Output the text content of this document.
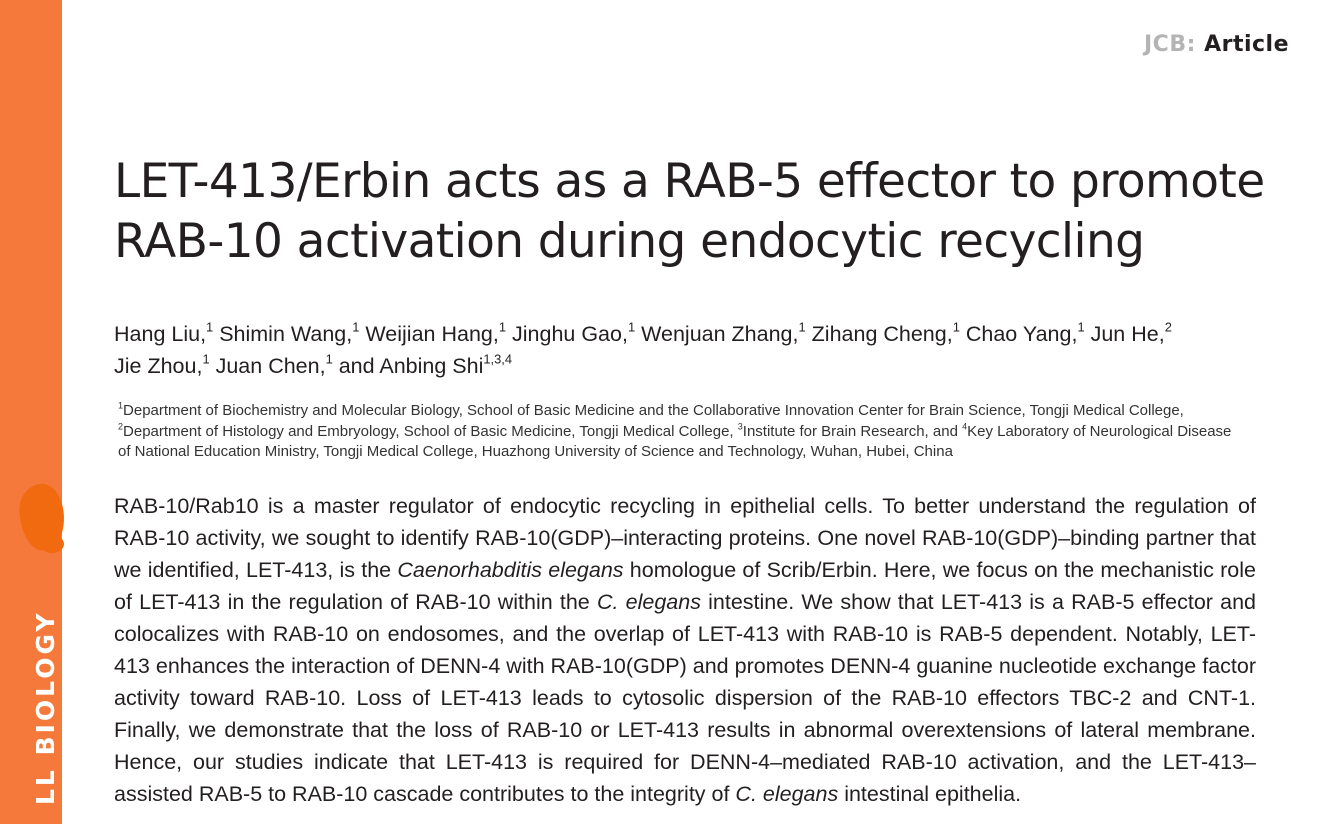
LL BIOLOGY
JCB: Article
LET-413/Erbin acts as a RAB-5 effector to promote RAB-10 activation during endocytic recycling
Hang Liu,$^1$ Shimin Wang,$^1$ Weijian Hang,$^1$ Jinghu Gao,$^1$ Wenjuan Zhang,$^1$ Zihang Cheng,$^1$ Chao Yang,$^1$ Jun He,$^2$
Jie Zhou,$^1$ Juan Chen,$^1$ and Anbing Shi$^{1,3,4}$
$^1$Department of Biochemistry and Molecular Biology, School of Basic Medicine and the Collaborative Innovation Center for Brain Science, Tongji Medical College,
$^2$Department of Histology and Embryology, School of Basic Medicine, Tongji Medical College, $^3$Institute for Brain Research, and $^4$Key Laboratory of Neurological Disease
of National Education Ministry, Tongji Medical College, Huazhong University of Science and Technology, Wuhan, Hubei, China

RAB-10/Rab10 is a master regulator of endocytic recycling in epithelial cells. To better understand the regulation of RAB-10 activity, we sought to identify RAB-10(GDP)–interacting proteins. One novel RAB-10(GDP)–binding partner that we identified, LET-413, is the Caenorhabditis elegans homologue of Scrib/Erbin. Here, we focus on the mechanistic role of LET-413 in the regulation of RAB-10 within the C. elegans intestine. We show that LET-413 is a RAB-5 effector and colocalizes with RAB-10 on endosomes, and the overlap of LET-413 with RAB-10 is RAB-5 dependent. Notably, LET-413 enhances the interaction of DENN-4 with RAB-10(GDP) and promotes DENN-4 guanine nucleotide exchange factor activity toward RAB-10. Loss of LET-413 leads to cytosolic dispersion of the RAB-10 effectors TBC-2 and CNT-1. Finally, we demonstrate that the loss of RAB-10 or LET-413 results in abnormal overextensions of lateral membrane. Hence, our studies indicate that LET-413 is required for DENN-4–mediated RAB-10 activation, and the LET-413–assisted RAB-5 to RAB-10 cascade contributes to the integrity of C. elegans intestinal epithelia.
